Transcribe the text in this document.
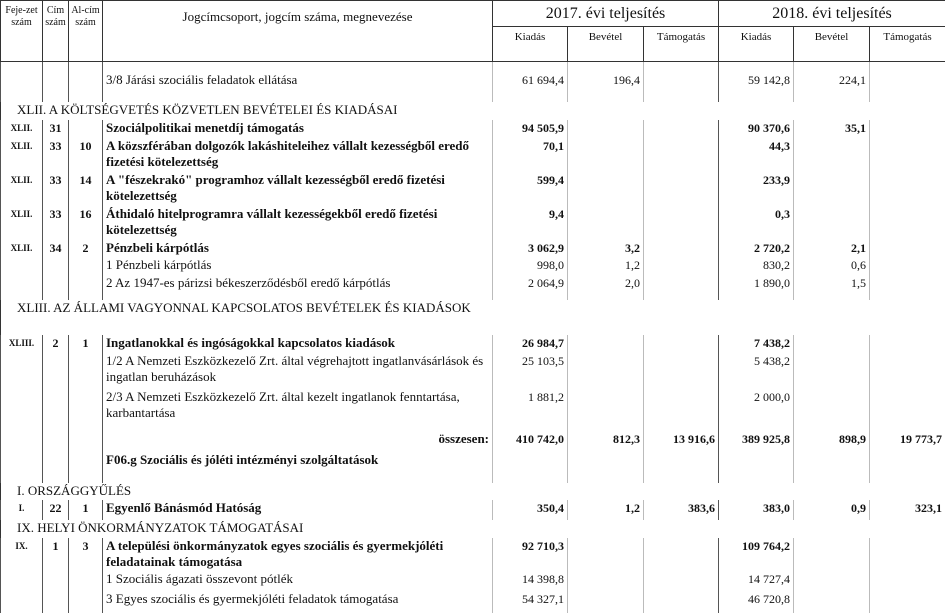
Feje-zet szám	Cím szám	Al-cím szám	Jogcímcsoport, jogcím száma, megnevezése	2017. évi teljesítés			2018. évi teljesítés		
				Kiadás	Bevétel	Támogatás	Kiadás	Bevétel	Támogatás

			3/8 Járási szociális feladatok ellátása	61 694,4	196,4		59 142,8	224,1	
XLII. A KÖLTSÉGVETÉS KÖZVETLEN BEVÉTELEI ÉS KIADÁSAI									
XLII.	31		Szociálpolitikai menetdíj támogatás	94 505,9			90 370,6	35,1	
XLII.	33	10	A közszférában dolgozók lakáshiteleihez vállalt kezességből eredő fizetési kötelezettség	70,1			44,3		
XLII.	33	14	A "fészekrakó" programhoz vállalt kezességből eredő fizetési kötelezettség	599,4			233,9		
XLII.	33	16	Áthidaló hitelprogramra vállalt kezességekből eredő fizetési kötelezettség	9,4			0,3		
XLII.	34	2	Pénzbeli kárpótlás	3 062,9	3,2		2 720,2	2,1	
			1 Pénzbeli kárpótlás	998,0	1,2		830,2	0,6	
			2 Az 1947-es párizsi békeszerződésből eredő kárpótlás	2 064,9	2,0		1 890,0	1,5	
XLIII. AZ ÁLLAMI VAGYONNAL KAPCSOLATOS BEVÉTELEK ÉS KIADÁSOK									
XLIII.	2	1	Ingatlanokkal és ingóságokkal kapcsolatos kiadások	26 984,7			7 438,2		
			1/2 A Nemzeti Eszközkezelő Zrt. által végrehajtott ingatlanvásárlások és ingatlan beruházások	25 103,5			5 438,2		
			2/3 A Nemzeti Eszközkezelő Zrt. által kezelt ingatlanok fenntartása, karbantartása	1 881,2			2 000,0		
			összesen:	410 742,0	812,3	13 916,6	389 925,8	898,9	19 773,7
			F06.g Szociális és jóléti intézményi szolgáltatások						
I. ORSZÁGGYŰLÉS									
I.	22	1	Egyenlő Bánásmód Hatóság	350,4	1,2	383,6	383,0	0,9	323,1
IX. HELYI ÖNKORMÁNYZATOK TÁMOGATÁSAI									
IX.	1	3	A települési önkormányzatok egyes szociális és gyermekjóléti feladatainak támogatása	92 710,3			109 764,2		
			1 Szociális ágazati összevont pótlék	14 398,8			14 727,4		
			3 Egyes szociális és gyermekjóléti feladatok támogatása	54 327,1			46 720,8		
